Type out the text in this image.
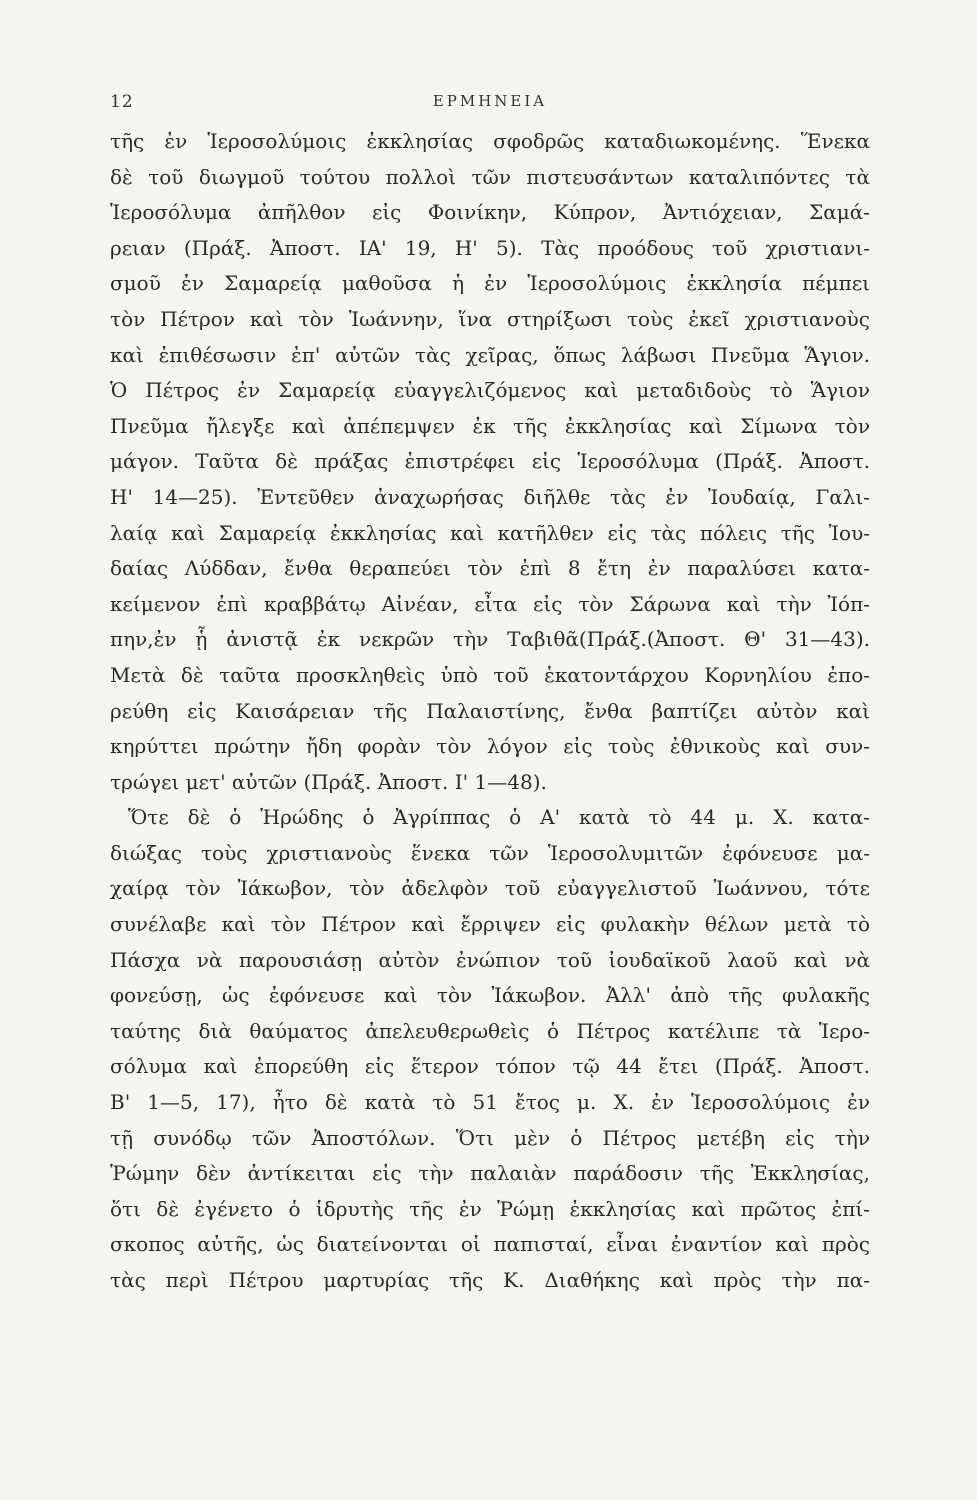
12	ΕΡΜΗΝΕΙΑ
τῆς ἐν Ἱεροσολύμοις ἐκκλησίας σφοδρῶς καταδιωκομένης. Ἕνεκα
δὲ τοῦ διωγμοῦ τούτου πολλοὶ τῶν πιστευσάντων καταλιπόντες τὰ
Ἱεροσόλυμα ἀπῆλθον εἰς Φοινίκην, Κύπρον, Ἀντιόχειαν, Σαμά-
ρειαν (Πράξ. Ἀποστ. ΙΑ' 19, Η' 5). Τὰς προόδους τοῦ χριστιανι-
σμοῦ ἐν Σαμαρείᾳ μαθοῦσα ἡ ἐν Ἱεροσολύμοις ἐκκλησία πέμπει
τὸν Πέτρον καὶ τὸν Ἰωάννην, ἵνα στηρίξωσι τοὺς ἐκεῖ χριστιανοὺς
καὶ ἐπιθέσωσιν ἐπ' αὐτῶν τὰς χεῖρας, ὅπως λάβωσι Πνεῦμα Ἅγιον.
Ὁ Πέτρος ἐν Σαμαρείᾳ εὐαγγελιζόμενος καὶ μεταδιδοὺς τὸ Ἅγιον
Πνεῦμα ἤλεγξε καὶ ἀπέπεμψεν ἐκ τῆς ἐκκλησίας καὶ Σίμωνα τὸν
μάγον. Ταῦτα δὲ πράξας ἐπιστρέφει εἰς Ἱεροσόλυμα (Πράξ. Ἀποστ.
Η' 14—25). Ἐντεῦθεν ἀναχωρήσας διῆλθε τὰς ἐν Ἰουδαίᾳ, Γαλι-
λαίᾳ καὶ Σαμαρείᾳ ἐκκλησίας καὶ κατῆλθεν εἰς τὰς πόλεις τῆς Ἰου-
δαίας Λύδδαν, ἔνθα θεραπεύει τὸν ἐπὶ 8 ἔτη ἐν παραλύσει κατα-
κείμενον ἐπὶ κραββάτῳ Αἰνέαν, εἶτα εἰς τὸν Σάρωνα καὶ τὴν Ἰόπ-
πην,ἐν ᾗ ἀνιστᾷ ἐκ νεκρῶν τὴν Ταβιθᾶ(Πράξ.(Ἀποστ. Θ' 31—43).
Μετὰ δὲ ταῦτα προσκληθεὶς ὑπὸ τοῦ ἑκατοντάρχου Κορνηλίου ἐπο-
ρεύθη εἰς Καισάρειαν τῆς Παλαιστίνης, ἔνθα βαπτίζει αὐτὸν καὶ
κηρύττει πρώτην ἤδη φορὰν τὸν λόγον εἰς τοὺς ἐθνικοὺς καὶ συν-
τρώγει μετ' αὐτῶν (Πράξ. Ἀποστ. Ι' 1—48).
Ὅτε δὲ ὁ Ἡρώδης ὁ Ἀγρίππας ὁ Α' κατὰ τὸ 44 μ. Χ. κατα-
διώξας τοὺς χριστιανοὺς ἕνεκα τῶν Ἱεροσολυμιτῶν ἐφόνευσε μα-
χαίρᾳ τὸν Ἰάκωβον, τὸν ἀδελφὸν τοῦ εὐαγγελιστοῦ Ἰωάννου, τότε
συνέλαβε καὶ τὸν Πέτρον καὶ ἔρριψεν εἰς φυλακὴν θέλων μετὰ τὸ
Πάσχα νὰ παρουσιάσῃ αὐτὸν ἐνώπιον τοῦ ἰουδαϊκοῦ λαοῦ καὶ νὰ
φονεύσῃ, ὡς ἐφόνευσε καὶ τὸν Ἰάκωβον. Ἀλλ' ἀπὸ τῆς φυλακῆς
ταύτης διὰ θαύματος ἀπελευθερωθεὶς ὁ Πέτρος κατέλιπε τὰ Ἱερο-
σόλυμα καὶ ἐπορεύθη εἰς ἕτερον τόπον τῷ 44 ἔτει (Πράξ. Ἀποστ.
Β' 1—5, 17), ἦτο δὲ κατὰ τὸ 51 ἔτος μ. Χ. ἐν Ἱεροσολύμοις ἐν
τῇ συνόδῳ τῶν Ἀποστόλων. Ὅτι μὲν ὁ Πέτρος μετέβη εἰς τὴν
Ῥώμην δὲν ἀντίκειται εἰς τὴν παλαιὰν παράδοσιν τῆς Ἐκκλησίας,
ὅτι δὲ ἐγένετο ὁ ἱδρυτὴς τῆς ἐν Ῥώμῃ ἐκκλησίας καὶ πρῶτος ἐπί-
σκοπος αὐτῆς, ὡς διατείνονται οἱ παπισταί, εἶναι ἐναντίον καὶ πρὸς
τὰς περὶ Πέτρου μαρτυρίας τῆς Κ. Διαθήκης καὶ πρὸς τὴν πα-
